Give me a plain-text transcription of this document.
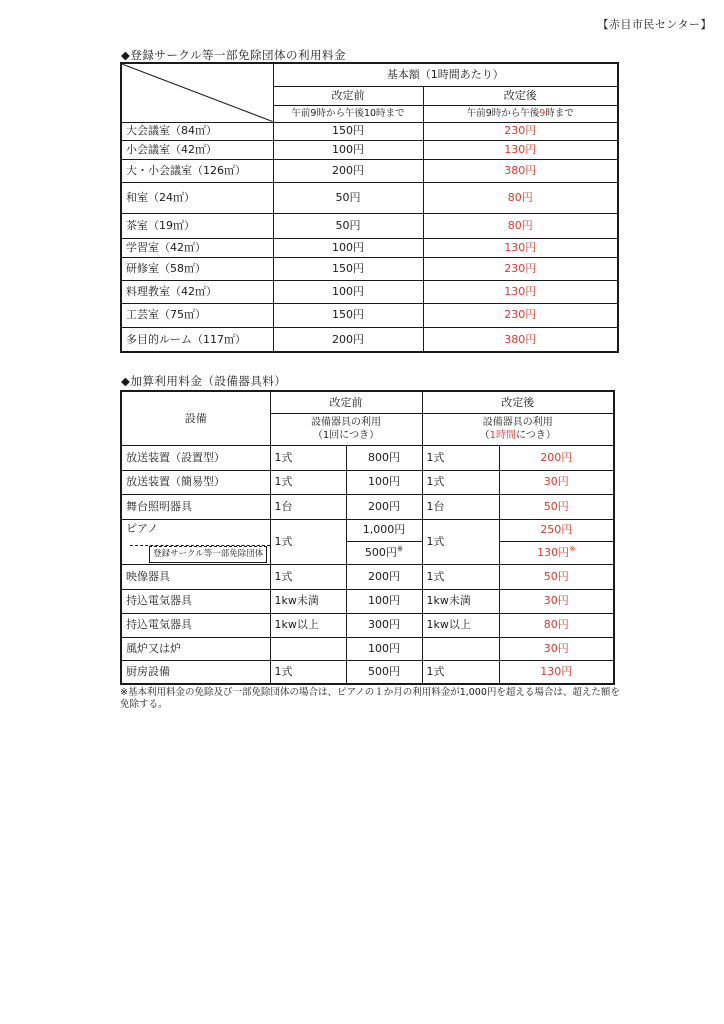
【赤目市民センター】
◆登録サークル等一部免除団体の利用料金
	基本額（1時間あたり）	
	改定前	改定後
	午前9時から午後10時まで	午前9時から午後9時まで
大会議室（84㎡）	150円	230円
小会議室（42㎡）	100円	130円
大・小会議室（126㎡）	200円	380円
和室（24㎡）	50円	80円
茶室（19㎡）	50円	80円
学習室（42㎡）	100円	130円
研修室（58㎡）	150円	230円
料理教室（42㎡）	100円	130円
工芸室（75㎡）	150円	230円
多目的ルーム（117㎡）	200円	380円
◆加算利用料金（設備器具料）
設備	改定前		改定後	

設備器具の利用
（1回につき）

設備器具の利用
（1時間につき）

放送装置（設置型）	1式	800円	1式	200円
放送装置（簡易型）	1式	100円	1式	30円
舞台照明器具	1台	200円	1台	50円

ピアノ
登録サークル等一部免除団体	1式	1,000円	1式	250円
		500円※		130円※
映像器具	1式	200円	1式	50円
持込電気器具	1kw未満	100円	1kw未満	30円
持込電気器具	1kw以上	300円	1kw以上	80円
風炉又は炉		100円		30円
厨房設備	1式	500円	1式	130円
※基本利用料金の免除及び一部免除団体の場合は、ピアノの１か月の利用料金が1,000円を超える場合は、超えた額を免除する。
